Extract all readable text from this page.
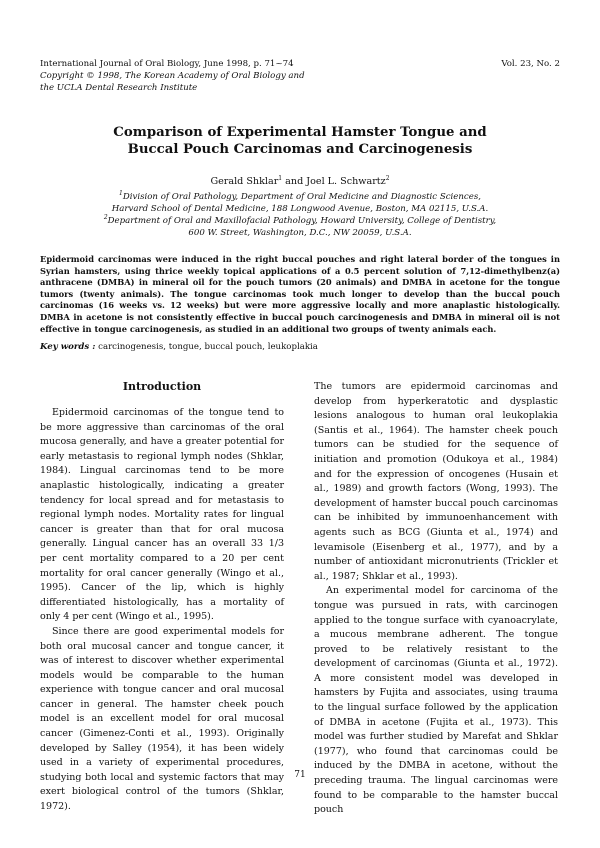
International Journal of Oral Biology, June 1998, p. 71~74
Copyright © 1998, The Korean Academy of Oral Biology and
the UCLA Dental Research Institute
Vol. 23, No. 2
Comparison of Experimental Hamster Tongue and
Buccal Pouch Carcinomas and Carcinogenesis
Gerald Shklar$^1$ and Joel L. Schwartz$^2$
$^1$Division of Oral Pathology, Department of Oral Medicine and Diagnostic Sciences,
Harvard School of Dental Medicine, 188 Longwood Avenue, Boston, MA 02115, U.S.A.
$^2$Department of Oral and Maxillofacial Pathology, Howard University, College of Dentistry,
600 W. Street, Washington, D.C., NW 20059, U.S.A.
Epidermoid carcinomas were induced in the right buccal pouches and right lateral border of the tongues in Syrian hamsters, using thrice weekly topical applications of a 0.5 percent solution of 7,12-dimethylbenz(a) anthracene (DMBA) in mineral oil for the pouch tumors (20 animals) and DMBA in acetone for the tongue tumors (twenty animals). The tongue carcinomas took much longer to develop than the buccal pouch carcinomas (16 weeks vs. 12 weeks) but were more aggressive locally and more anaplastic histologically. DMBA in acetone is not consistently effective in buccal pouch carcinogenesis and DMBA in mineral oil is not effective in tongue carcinogenesis, as studied in an additional two groups of twenty animals each.
Key words : carcinogenesis, tongue, buccal pouch, leukoplakia
Introduction

Epidermoid carcinomas of the tongue tend to be more aggressive than carcinomas of the oral mucosa generally, and have a greater potential for early metastasis to regional lymph nodes (Shklar, 1984). Lingual carcinomas tend to be more anaplastic histologically, indicating a greater tendency for local spread and for metastasis to regional lymph nodes. Mortality rates for lingual cancer is greater than that for oral mucosa generally. Lingual cancer has an overall 33 1/3 per cent mortality compared to a 20 per cent mortality for oral cancer generally (Wingo et al., 1995). Cancer of the lip, which is highly differentiated histologically, has a mortality of only 4 per cent (Wingo et al., 1995).

Since there are good experimental models for both oral mucosal cancer and tongue cancer, it was of interest to discover whether experimental models would be comparable to the human experience with tongue cancer and oral mucosal cancer in general. The hamster cheek pouch model is an excellent model for oral mucosal cancer (Gimenez-Conti et al., 1993). Originally developed by Salley (1954), it has been widely used in a variety of experimental procedures, studying both local and systemic factors that may exert biological control of the tumors (Shklar, 1972).

The tumors are epidermoid carcinomas and develop from hyperkeratotic and dysplastic lesions analogous to human oral leukoplakia (Santis et al., 1964). The hamster cheek pouch tumors can be studied for the sequence of initiation and promotion (Odukoya et al., 1984) and for the expression of oncogenes (Husain et al., 1989) and growth factors (Wong, 1993). The development of hamster buccal pouch carcinomas can be inhibited by immunoenhancement with agents such as BCG (Giunta et al., 1974) and levamisole (Eisenberg et al., 1977), and by a number of antioxidant micronutrients (Trickler et al., 1987; Shklar et al., 1993).

An experimental model for carcinoma of the tongue was pursued in rats, with carcinogen applied to the tongue surface with cyanoacrylate, a mucous membrane adherent. The tongue proved to be relatively resistant to the development of carcinomas (Giunta et al., 1972). A more consistent model was developed in hamsters by Fujita and associates, using trauma to the lingual surface followed by the application of DMBA in acetone (Fujita et al., 1973). This model was further studied by Marefat and Shklar (1977), who found that carcinomas could be induced by the DMBA in acetone, without the preceding trauma. The lingual carcinomas were found to be comparable to the hamster buccal pouch

71
